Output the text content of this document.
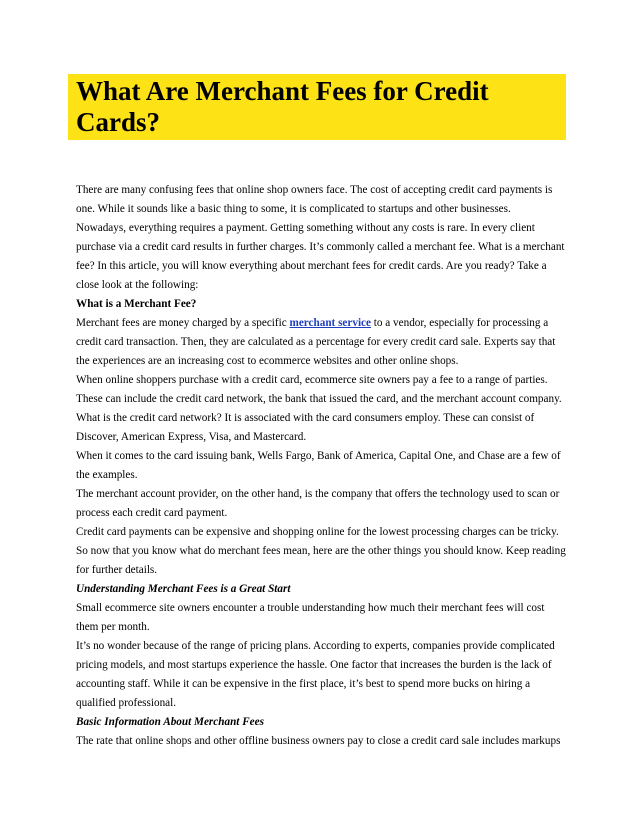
What Are Merchant Fees for Credit Cards?

There are many confusing fees that online shop owners face. The cost of accepting credit card payments is one. While it sounds like a basic thing to some, it is complicated to startups and other businesses.

Nowadays, everything requires a payment. Getting something without any costs is rare. In every client purchase via a credit card results in further charges. It’s commonly called a merchant fee. What is a merchant fee? In this article, you will know everything about merchant fees for credit cards. Are you ready? Take a close look at the following:

What is a Merchant Fee?

Merchant fees are money charged by a specific merchant service to a vendor, especially for processing a credit card transaction. Then, they are calculated as a percentage for every credit card sale. Experts say that the experiences are an increasing cost to ecommerce websites and other online shops.

When online shoppers purchase with a credit card, ecommerce site owners pay a fee to a range of parties. These can include the credit card network, the bank that issued the card, and the merchant account company.

What is the credit card network? It is associated with the card consumers employ. These can consist of Discover, American Express, Visa, and Mastercard.

When it comes to the card issuing bank, Wells Fargo, Bank of America, Capital One, and Chase are a few of the examples.

The merchant account provider, on the other hand, is the company that offers the technology used to scan or process each credit card payment.

Credit card payments can be expensive and shopping online for the lowest processing charges can be tricky.

So now that you know what do merchant fees mean, here are the other things you should know. Keep reading for further details.

Understanding Merchant Fees is a Great Start

Small ecommerce site owners encounter a trouble understanding how much their merchant fees will cost them per month.

It’s no wonder because of the range of pricing plans. According to experts, companies provide complicated pricing models, and most startups experience the hassle. One factor that increases the burden is the lack of accounting staff. While it can be expensive in the first place, it’s best to spend more bucks on hiring a qualified professional.

Basic Information About Merchant Fees

The rate that online shops and other offline business owners pay to close a credit card sale includes markups
